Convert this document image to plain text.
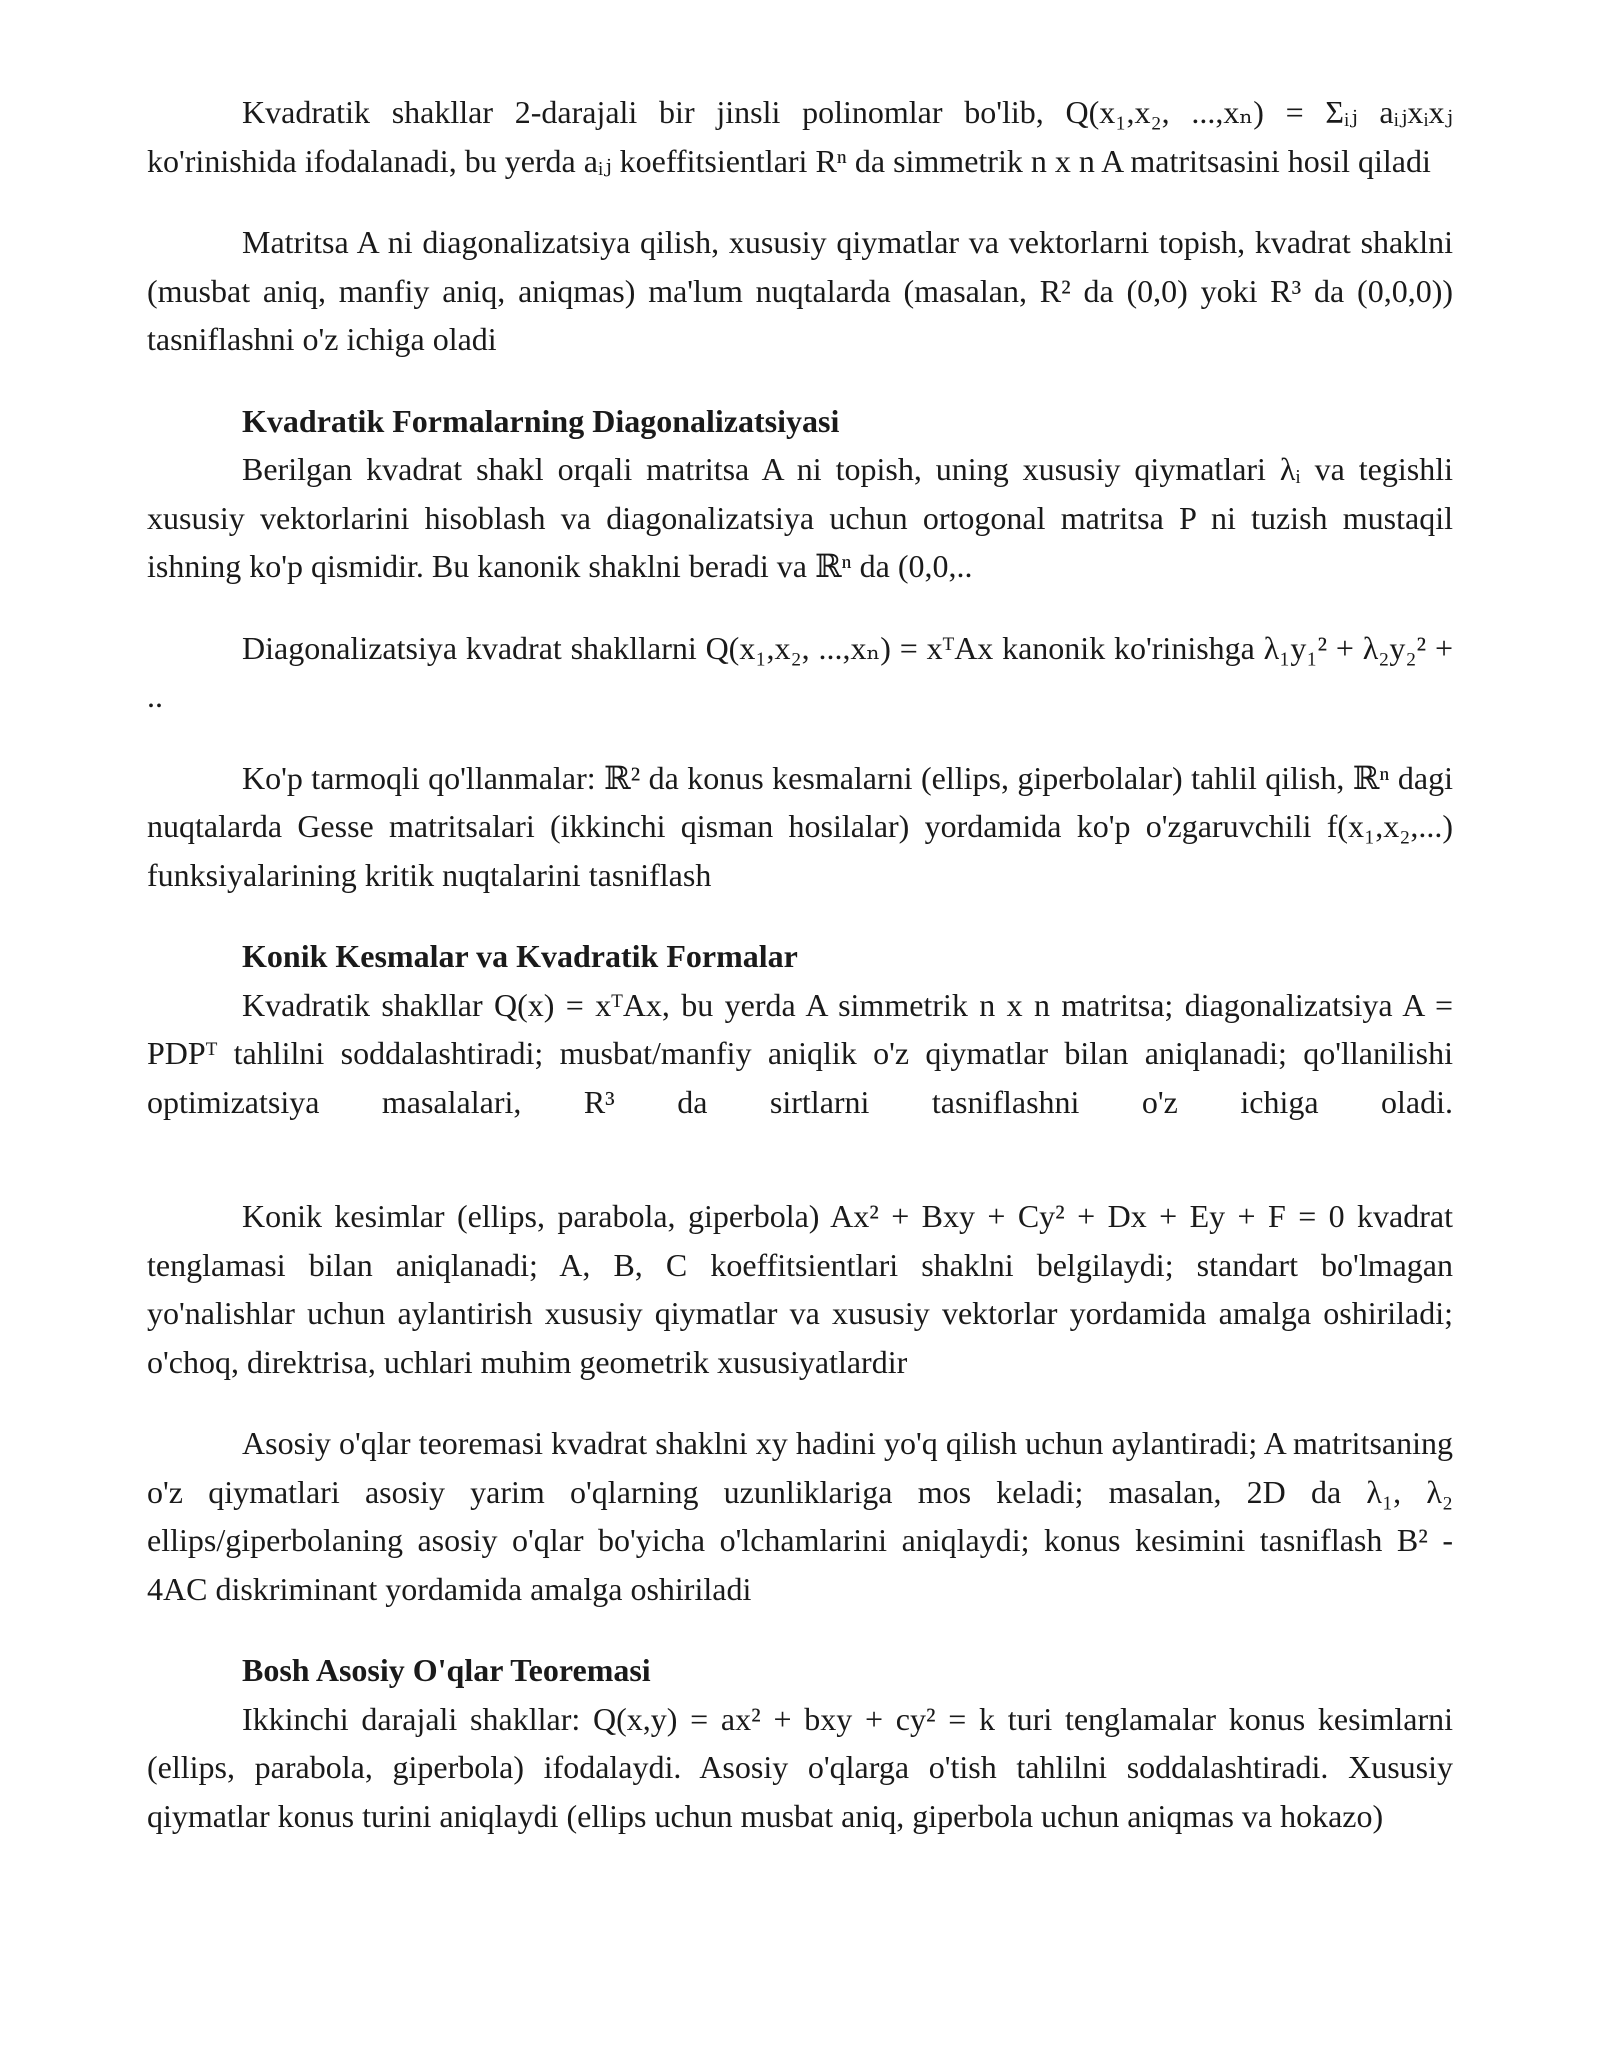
Kvadratik shakllar 2-darajali bir jinsli polinomlar bo'lib, Q(x₁,x₂, ...,xₙ) = Σᵢⱼ aᵢⱼxᵢxⱼ ko'rinishida ifodalanadi, bu yerda aᵢⱼ koeffitsientlari Rⁿ da simmetrik n x n A matritsasini hosil qiladi

Matritsa A ni diagonalizatsiya qilish, xususiy qiymatlar va vektorlarni topish, kvadrat shaklni (musbat aniq, manfiy aniq, aniqmas) ma'lum nuqtalarda (masalan, R² da (0,0) yoki R³ da (0,0,0)) tasniflashni o'z ichiga oladi

Kvadratik Formalarning Diagonalizatsiyasi

Berilgan kvadrat shakl orqali matritsa A ni topish, uning xususiy qiymatlari λᵢ va tegishli xususiy vektorlarini hisoblash va diagonalizatsiya uchun ortogonal matritsa P ni tuzish mustaqil ishning ko'p qismidir. Bu kanonik shaklni beradi va ℝⁿ da (0,0,..

Diagonalizatsiya kvadrat shakllarni Q(x₁,x₂, ...,xₙ) = xᵀAx kanonik ko'rinishga λ₁y₁² + λ₂y₂² + ..

Ko'p tarmoqli qo'llanmalar: ℝ² da konus kesmalarni (ellips, giperbolalar) tahlil qilish, ℝⁿ dagi nuqtalarda Gesse matritsalari (ikkinchi qisman hosilalar) yordamida ko'p o'zgaruvchili f(x₁,x₂,...) funksiyalarining kritik nuqtalarini tasniflash

Konik Kesmalar va Kvadratik Formalar

Kvadratik shakllar Q(x) = xᵀAx, bu yerda A simmetrik n x n matritsa; diagonalizatsiya A = PDPᵀ tahlilni soddalashtiradi; musbat/manfiy aniqlik o'z qiymatlar bilan aniqlanadi; qo'llanilishi optimizatsiya masalalari, R³ da sirtlarni tasniflashni o'z ichiga oladi.

Konik kesimlar (ellips, parabola, giperbola) Ax² + Bxy + Cy² + Dx + Ey + F = 0 kvadrat tenglamasi bilan aniqlanadi; A, B, C koeffitsientlari shaklni belgilaydi; standart bo'lmagan yo'nalishlar uchun aylantirish xususiy qiymatlar va xususiy vektorlar yordamida amalga oshiriladi; o'choq, direktrisa, uchlari muhim geometrik xususiyatlardir

Asosiy o'qlar teoremasi kvadrat shaklni xy hadini yo'q qilish uchun aylantiradi; A matritsaning o'z qiymatlari asosiy yarim o'qlarning uzunliklariga mos keladi; masalan, 2D da λ₁, λ₂ ellips/giperbolaning asosiy o'qlar bo'yicha o'lchamlarini aniqlaydi; konus kesimini tasniflash B² - 4AC diskriminant yordamida amalga oshiriladi

Bosh Asosiy O'qlar Teoremasi

Ikkinchi darajali shakllar: Q(x,y) = ax² + bxy + cy² = k turi tenglamalar konus kesimlarni (ellips, parabola, giperbola) ifodalaydi. Asosiy o'qlarga o'tish tahlilni soddalashtiradi. Xususiy qiymatlar konus turini aniqlaydi (ellips uchun musbat aniq, giperbola uchun aniqmas va hokazo)
